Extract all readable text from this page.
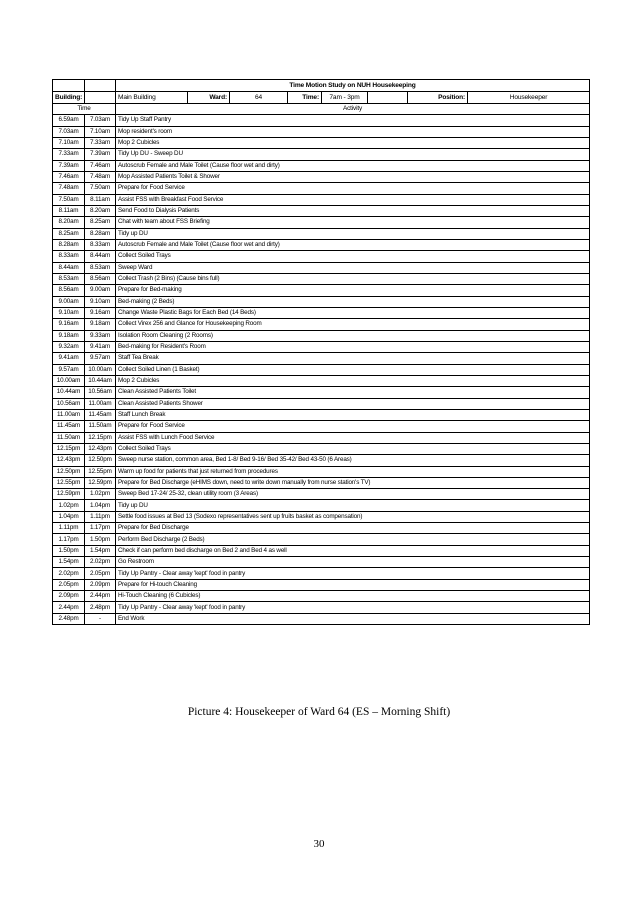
		Time Motion Study on NUH Housekeeping							
Building:		Main Building	Ward:	64	Time:	7am - 3pm		Position:	Housekeeper
Time		Activity							
6.59am	7.03am	Tidy Up Staff Pantry							
7.03am	7.10am	Mop resident's room							
7.10am	7.33am	Mop 2 Cubicles							
7.33am	7.39am	Tidy Up DU - Sweep DU							
7.39am	7.46am	Autoscrub Female and Male Toilet (Cause floor wet and dirty)							
7.46am	7.48am	Mop Assisted Patients Toilet & Shower							
7.48am	7.50am	Prepare for Food Service							
7.50am	8.11am	Assist FSS with Breakfast Food Service							
8.11am	8.20am	Send Food to Dialysis Patients							
8.20am	8.25am	Chat with team about FSS Briefing							
8.25am	8.28am	Tidy up DU							
8.28am	8.33am	Autoscrub Female and Male Toilet (Cause floor wet and dirty)							
8.33am	8.44am	Collect Soiled Trays							
8.44am	8.53am	Sweep Ward							
8.53am	8.56am	Collect Trash (2 Bins) (Cause bins full)							
8.56am	9.00am	Prepare for Bed-making							
9.00am	9.10am	Bed-making (2 Beds)							
9.10am	9.16am	Change Waste Plastic Bags for Each Bed (14 Beds)							
9.16am	9.18am	Collect Virex 256 and Glance for Housekeeping Room							
9.18am	9.33am	Isolation Room Cleaning (2 Rooms)							
9.32am	9.41am	Bed-making for Resident's Room							
9.41am	9.57am	Staff Tea Break							
9.57am	10.00am	Collect Soiled Linen (1 Basket)							
10.00am	10.44am	Mop 2 Cubicles							
10.44am	10.56am	Clean Assisted Patients Toilet							
10.56am	11.00am	Clean Assisted Patients Shower							
11.00am	11.45am	Staff Lunch Break							
11.45am	11.50am	Prepare for Food Service							
11.50am	12.15pm	Assist FSS with Lunch Food Service							
12.15pm	12.43pm	Collect Soiled Trays							
12.43pm	12.50pm	Sweep nurse station, common area, Bed 1-8/ Bed 9-16/ Bed 35-42/ Bed 43-50 (6 Areas)							
12.50pm	12.55pm	Warm up food for patients that just returned from procedures							
12.55pm	12.59pm	Prepare for Bed Discharge (eHIMS down, need to write down manually from nurse station's TV)							
12.59pm	1.02pm	Sweep Bed 17-24/ 25-32, clean utility room (3 Areas)							
1.02pm	1.04pm	Tidy up DU							
1.04pm	1.11pm	Settle food issues at Bed 13 (Sodexo representatives sent up fruits basket as compensation)							
1.11pm	1.17pm	Prepare for Bed Discharge							
1.17pm	1.50pm	Perform Bed Discharge (2 Beds)							
1.50pm	1.54pm	Check if can perform bed discharge on Bed 2 and Bed 4 as well							
1.54pm	2.02pm	Go Restroom							
2.02pm	2.05pm	Tidy Up Pantry - Clear away 'kept' food in pantry							
2.05pm	2.09pm	Prepare for Hi-touch Cleaning							
2.09pm	2.44pm	Hi-Touch Cleaning (6 Cubicles)							
2.44pm	2.48pm	Tidy Up Pantry - Clear away 'kept' food in pantry							
2.48pm	-	End Work							
Picture 4: Housekeeper of Ward 64 (ES – Morning Shift)
30
